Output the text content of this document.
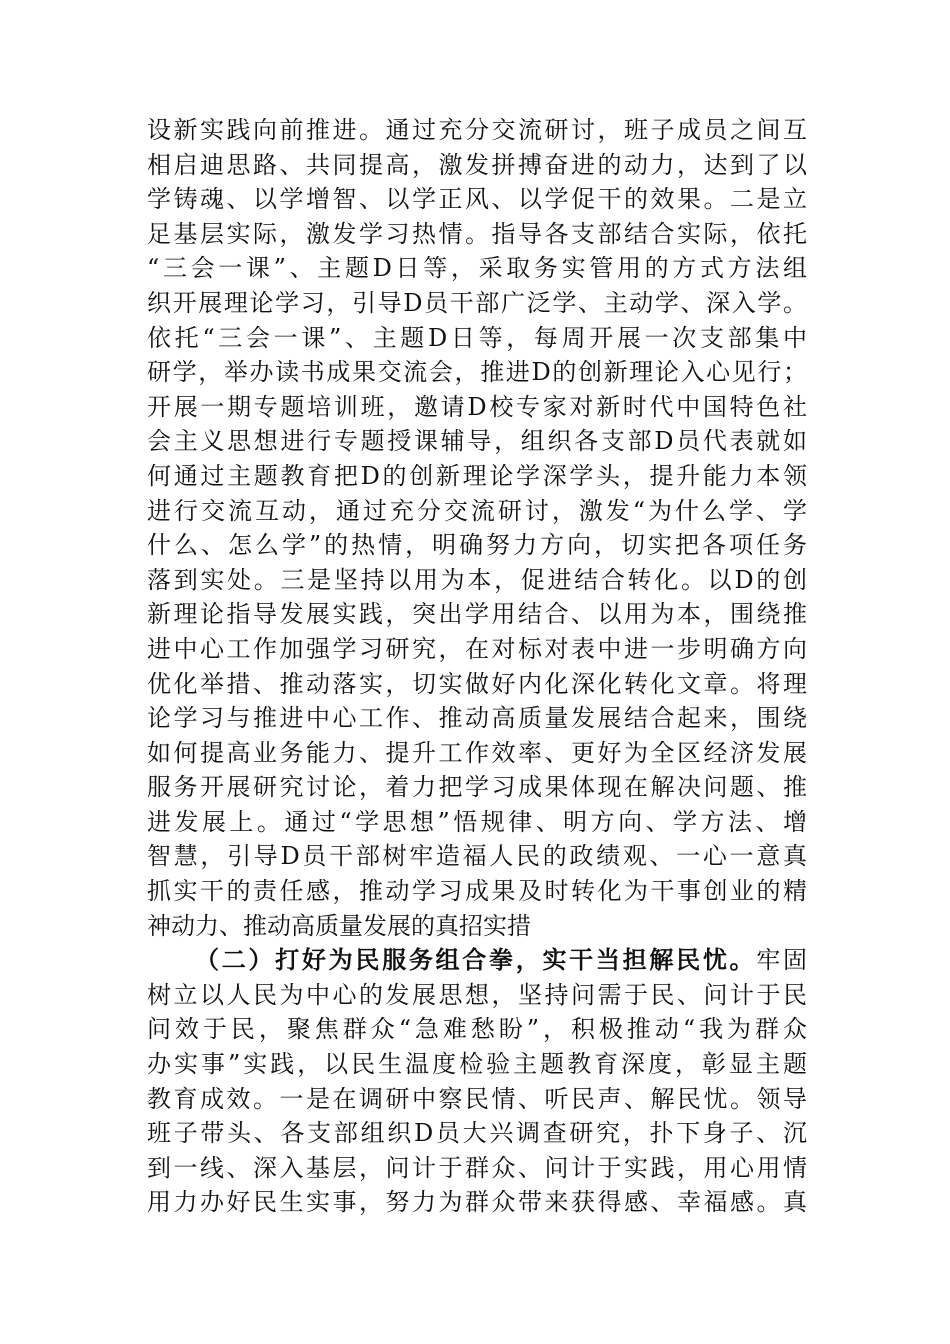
设新实践向前推进。通过充分交流研讨，班子成员之间互
相启迪思路、共同提高，激发拼搏奋进的动力，达到了以
学铸魂、以学增智、以学正风、以学促干的效果。二是立
足基层实际，激发学习热情。指导各支部结合实际，依托
“三会一课”、主题D日等，采取务实管用的方式方法组
织开展理论学习，引导D员干部广泛学、主动学、深入学。
依托“三会一课”、主题D日等，每周开展一次支部集中
研学，举办读书成果交流会，推进D的创新理论入心见行；
开展一期专题培训班，邀请D校专家对新时代中国特色社
会主义思想进行专题授课辅导，组织各支部D员代表就如
何通过主题教育把D的创新理论学深学头，提升能力本领
进行交流互动，通过充分交流研讨，激发“为什么学、学
什么、怎么学”的热情，明确努力方向，切实把各项任务
落到实处。三是坚持以用为本，促进结合转化。以D的创
新理论指导发展实践，突出学用结合、以用为本，围绕推
进中心工作加强学习研究，在对标对表中进一步明确方向
优化举措、推动落实，切实做好内化深化转化文章。将理
论学习与推进中心工作、推动高质量发展结合起来，围绕
如何提高业务能力、提升工作效率、更好为全区经济发展
服务开展研究讨论，着力把学习成果体现在解决问题、推
进发展上。通过“学思想”悟规律、明方向、学方法、增
智慧，引导D员干部树牢造福人民的政绩观、一心一意真
抓实干的责任感，推动学习成果及时转化为干事创业的精
神动力、推动高质量发展的真招实措
（二）打好为民服务组合拳，实干当担解民忧。牢固
树立以人民为中心的发展思想，坚持问需于民、问计于民
问效于民，聚焦群众“急难愁盼”，积极推动“我为群众
办实事”实践，以民生温度检验主题教育深度，彰显主题
教育成效。一是在调研中察民情、听民声、解民忧。领导
班子带头、各支部组织D员大兴调查研究，扑下身子、沉
到一线、深入基层，问计于群众、问计于实践，用心用情
用力办好民生实事，努力为群众带来获得感、幸福感。真
